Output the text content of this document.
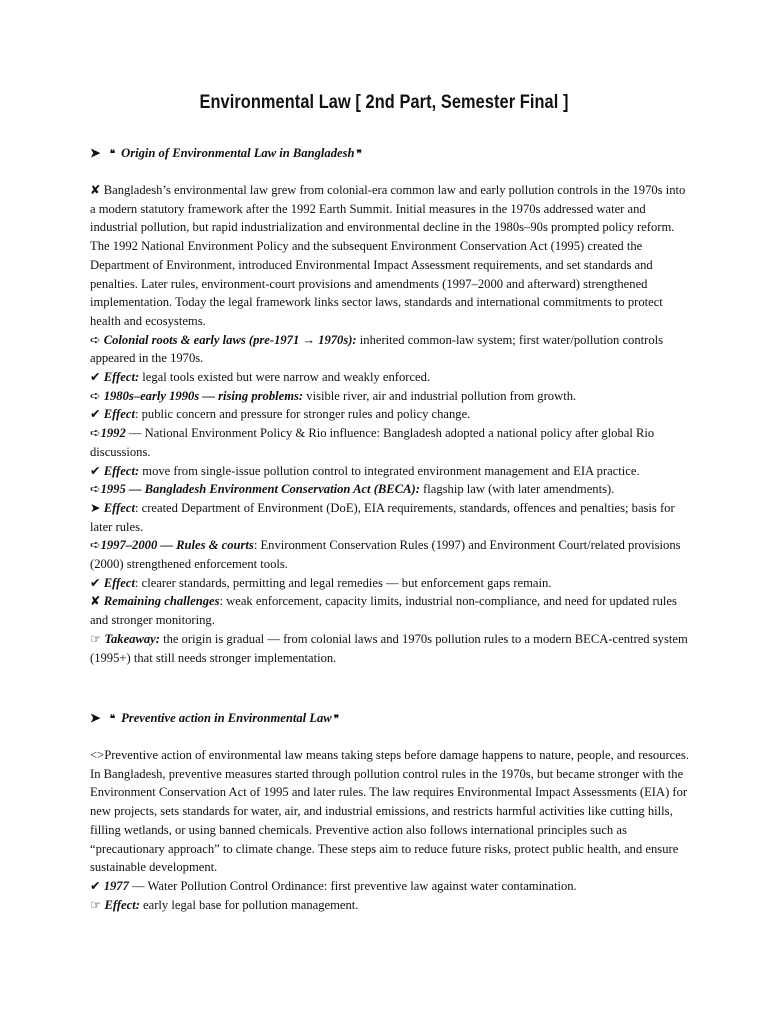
Environmental Law [ 2nd Part, Semester Final ]
➤ ❝ Origin of Environmental Law in Bangladesh ❞

✘ Bangladesh’s environmental law grew from colonial-era common law and early pollution controls in the 1970s into a modern statutory framework after the 1992 Earth Summit. Initial measures in the 1970s addressed water and industrial pollution, but rapid industrialization and environmental decline in the 1980s–90s prompted policy reform. The 1992 National Environment Policy and the subsequent Environment Conservation Act (1995) created the Department of Environment, introduced Environmental Impact Assessment requirements, and set standards and penalties. Later rules, environment-court provisions and amendments (1997–2000 and afterward) strengthened implementation. Today the legal framework links sector laws, standards and international commitments to protect health and ecosystems.

➪ Colonial roots & early laws (pre-1971 → 1970s): inherited common-law system; first water/pollution controls appeared in the 1970s.

✔ Effect: legal tools existed but were narrow and weakly enforced.

➪ 1980s–early 1990s — rising problems: visible river, air and industrial pollution from growth.

✔ Effect: public concern and pressure for stronger rules and policy change.

➪1992 — National Environment Policy & Rio influence: Bangladesh adopted a national policy after global Rio discussions.

✔ Effect: move from single-issue pollution control to integrated environment management and EIA practice.

➪1995 — Bangladesh Environment Conservation Act (BECA): flagship law (with later amendments).

➤ Effect: created Department of Environment (DoE), EIA requirements, standards, offences and penalties; basis for later rules.

➪1997–2000 — Rules & courts: Environment Conservation Rules (1997) and Environment Court/related provisions (2000) strengthened enforcement tools.

✔ Effect: clearer standards, permitting and legal remedies — but enforcement gaps remain.

✘ Remaining challenges: weak enforcement, capacity limits, industrial non-compliance, and need for updated rules and stronger monitoring.

☞ Takeaway: the origin is gradual — from colonial laws and 1970s pollution rules to a modern BECA-centred system (1995+) that still needs stronger implementation.

➤ ❝ Preventive action in Environmental Law ❞

<>Preventive action of environmental law means taking steps before damage happens to nature, people, and resources. In Bangladesh, preventive measures started through pollution control rules in the 1970s, but became stronger with the Environment Conservation Act of 1995 and later rules. The law requires Environmental Impact Assessments (EIA) for new projects, sets standards for water, air, and industrial emissions, and restricts harmful activities like cutting hills, filling wetlands, or using banned chemicals. Preventive action also follows international principles such as “precautionary approach” to climate change. These steps aim to reduce future risks, protect public health, and ensure sustainable development.

✔ 1977 — Water Pollution Control Ordinance: first preventive law against water contamination.

☞ Effect: early legal base for pollution management.
